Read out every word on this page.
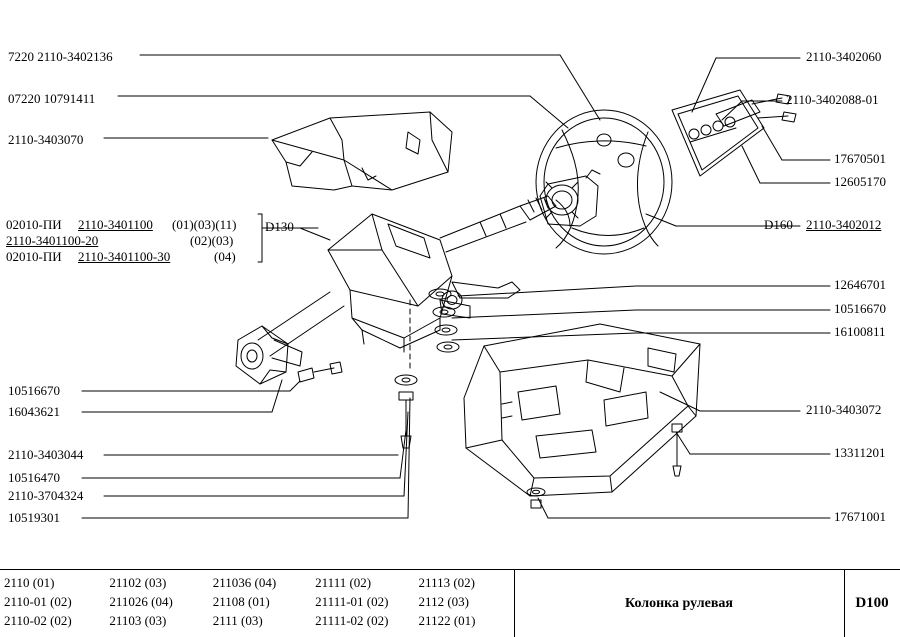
7220 2110-3402136
07220 10791411
2110-3403070
02010-ПИ 2110-3401100 (01)(03)(11)
2110-3401100-20	(02)(03)
02010-ПИ 2110-3401100-30	(04)
D130
10516670
16043621
2110-3403044
10516470
2110-3704324
10519301
2110-3402060
2110-3402088-01
17670501
12605170
D160 2110-3402012
12646701
10516670
16100811
2110-3403072
13311201
17671001
2110 (01)	21102 (03)	211036 (04)	21111 (02)	21113 (02)
2110-01 (02)	211026 (04)	21108 (01)	21111-01 (02)	2112 (03)
2110-02 (02)	21103 (03)	2111 (03)	21111-02 (02)	21122 (01)
Колонка рулевая	D100
